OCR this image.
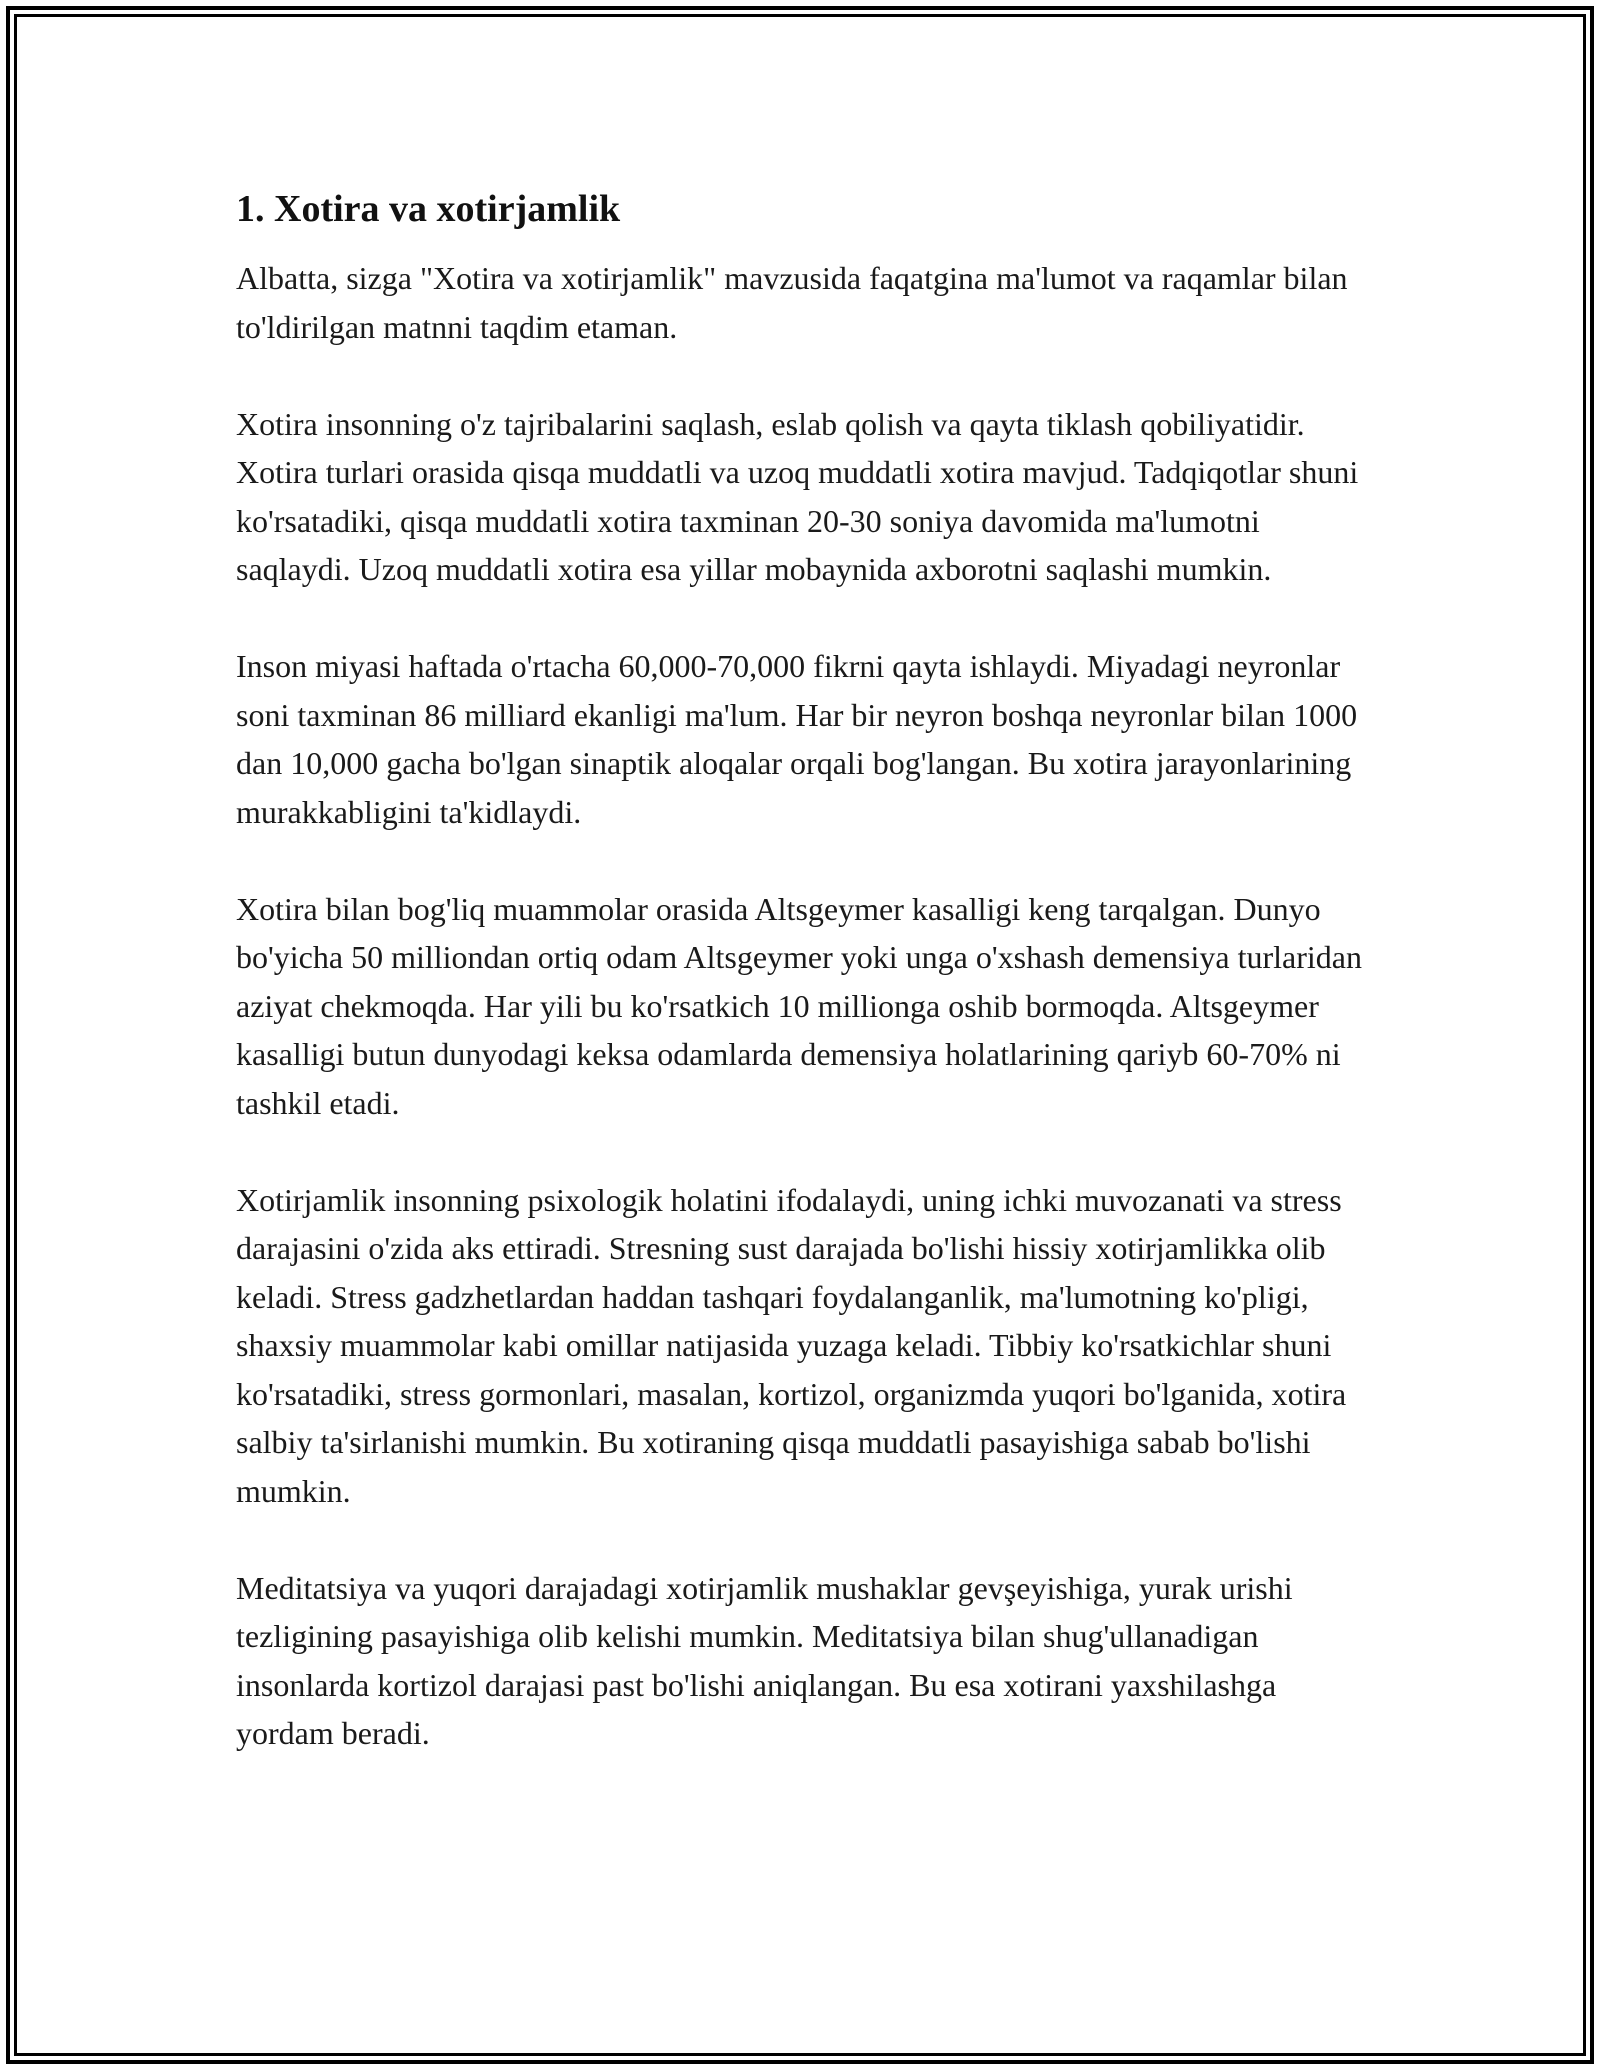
1. Xotira va xotirjamlik

Albatta, sizga "Xotira va xotirjamlik" mavzusida faqatgina ma'lumot va raqamlar bilan to'ldirilgan matnni taqdim etaman.

Xotira insonning o'z tajribalarini saqlash, eslab qolish va qayta tiklash qobiliyatidir. Xotira turlari orasida qisqa muddatli va uzoq muddatli xotira mavjud. Tadqiqotlar shuni ko'rsatadiki, qisqa muddatli xotira taxminan 20-30 soniya davomida ma'lumotni saqlaydi. Uzoq muddatli xotira esa yillar mobaynida axborotni saqlashi mumkin.

Inson miyasi haftada o'rtacha 60,000-70,000 fikrni qayta ishlaydi. Miyadagi neyronlar soni taxminan 86 milliard ekanligi ma'lum. Har bir neyron boshqa neyronlar bilan 1000 dan 10,000 gacha bo'lgan sinaptik aloqalar orqali bog'langan. Bu xotira jarayonlarining murakkabligini ta'kidlaydi.

Xotira bilan bog'liq muammolar orasida Altsgeymer kasalligi keng tarqalgan. Dunyo bo'yicha 50 milliondan ortiq odam Altsgeymer yoki unga o'xshash demensiya turlaridan aziyat chekmoqda. Har yili bu ko'rsatkich 10 millionga oshib bormoqda. Altsgeymer kasalligi butun dunyodagi keksa odamlarda demensiya holatlarining qariyb 60-70% ni tashkil etadi.

Xotirjamlik insonning psixologik holatini ifodalaydi, uning ichki muvozanati va stress darajasini o'zida aks ettiradi. Stresning sust darajada bo'lishi hissiy xotirjamlikka olib keladi. Stress gadzhetlardan haddan tashqari foydalanganlik, ma'lumotning ko'pligi, shaxsiy muammolar kabi omillar natijasida yuzaga keladi. Tibbiy ko'rsatkichlar shuni ko'rsatadiki, stress gormonlari, masalan, kortizol, organizmda yuqori bo'lganida, xotira salbiy ta'sirlanishi mumkin. Bu xotiraning qisqa muddatli pasayishiga sabab bo'lishi mumkin.

Meditatsiya va yuqori darajadagi xotirjamlik mushaklar gevşeyishiga, yurak urishi tezligining pasayishiga olib kelishi mumkin. Meditatsiya bilan shug'ullanadigan insonlarda kortizol darajasi past bo'lishi aniqlangan. Bu esa xotirani yaxshilashga yordam beradi.
